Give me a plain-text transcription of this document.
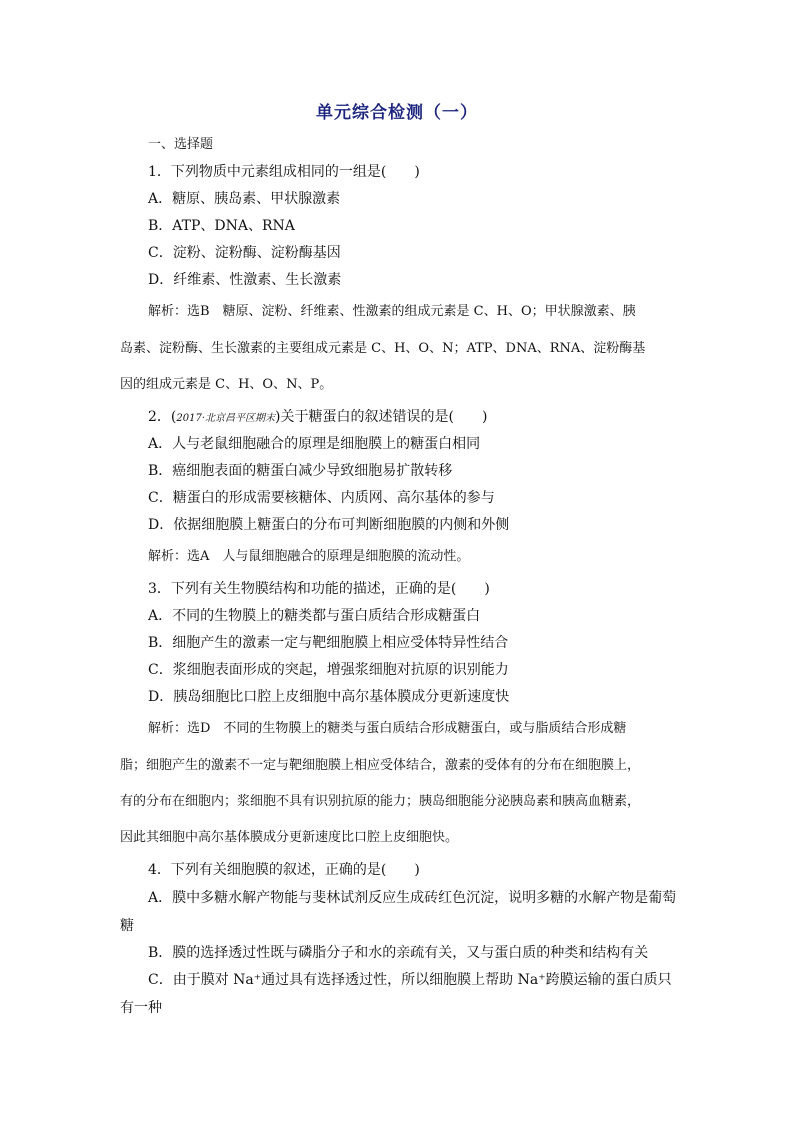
单元综合检测（一）
一、选择题
1．下列物质中元素组成相同的一组是(　　)
A．糖原、胰岛素、甲状腺激素
B．ATP、DNA、RNA
C．淀粉、淀粉酶、淀粉酶基因
D．纤维素、性激素、生长激素
解析：选B　糖原、淀粉、纤维素、性激素的组成元素是 C、H、O；甲状腺激素、胰
岛素、淀粉酶、生长激素的主要组成元素是 C、H、O、N；ATP、DNA、RNA、淀粉酶基
因的组成元素是 C、H、O、N、P。
2．(2017·北京昌平区期末)关于糖蛋白的叙述错误的是(　　)
A．人与老鼠细胞融合的原理是细胞膜上的糖蛋白相同
B．癌细胞表面的糖蛋白减少导致细胞易扩散转移
C．糖蛋白的形成需要核糖体、内质网、高尔基体的参与
D．依据细胞膜上糖蛋白的分布可判断细胞膜的内侧和外侧
解析：选A　人与鼠细胞融合的原理是细胞膜的流动性。
3．下列有关生物膜结构和功能的描述，正确的是(　　)
A．不同的生物膜上的糖类都与蛋白质结合形成糖蛋白
B．细胞产生的激素一定与靶细胞膜上相应受体特异性结合
C．浆细胞表面形成的突起，增强浆细胞对抗原的识别能力
D．胰岛细胞比口腔上皮细胞中高尔基体膜成分更新速度快
解析：选D　不同的生物膜上的糖类与蛋白质结合形成糖蛋白，或与脂质结合形成糖
脂；细胞产生的激素不一定与靶细胞膜上相应受体结合，激素的受体有的分布在细胞膜上，
有的分布在细胞内；浆细胞不具有识别抗原的能力；胰岛细胞能分泌胰岛素和胰高血糖素，
因此其细胞中高尔基体膜成分更新速度比口腔上皮细胞快。
4．下列有关细胞膜的叙述，正确的是(　　)
A．膜中多糖水解产物能与斐林试剂反应生成砖红色沉淀，说明多糖的水解产物是葡萄
糖
B．膜的选择透过性既与磷脂分子和水的亲疏有关，又与蛋白质的种类和结构有关
C．由于膜对 Na⁺通过具有选择透过性，所以细胞膜上帮助 Na⁺跨膜运输的蛋白质只
有一种
